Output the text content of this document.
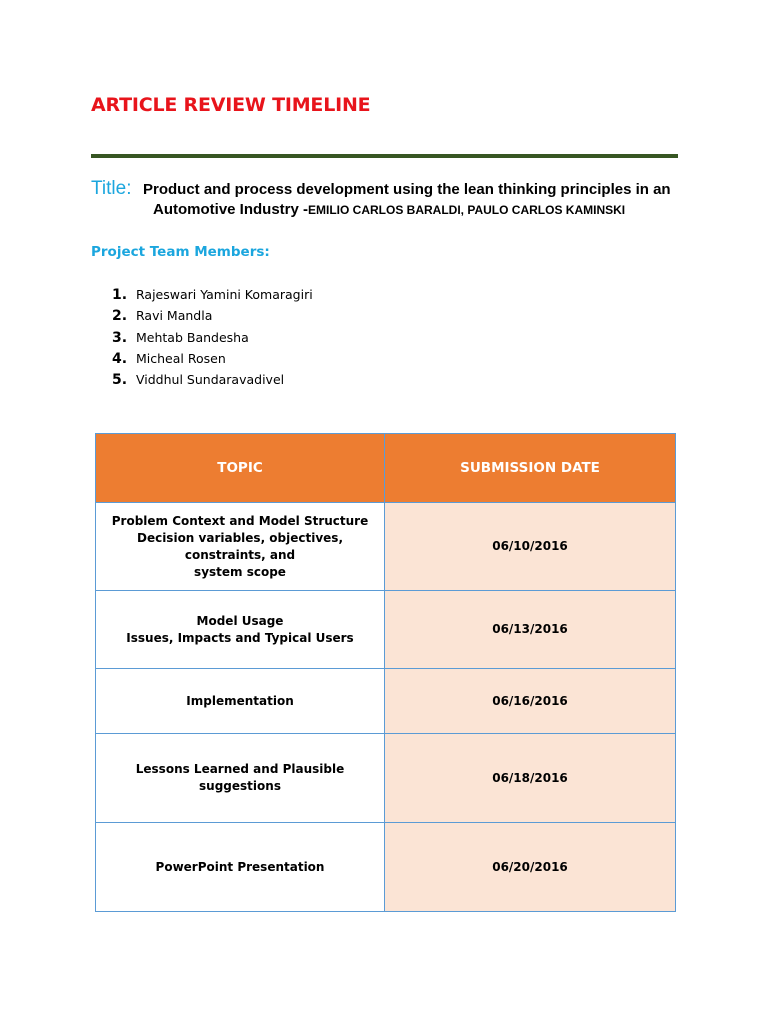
ARTICLE REVIEW TIMELINE
Title: Product and process development using the lean thinking principles in an
Automotive Industry -EMILIO CARLOS BARALDI, PAULO CARLOS KAMINSKI
Project Team Members:
1. Rajeswari Yamini Komaragiri
2. Ravi Mandla
3. Mehtab Bandesha
4. Micheal Rosen
5. Viddhul Sundaravadivel
TOPIC	SUBMISSION DATE

Problem Context and Model Structure
Decision variables, objectives, constraints, and
system scope	06/10/2016

Model Usage
Issues, Impacts and Typical Users	06/13/2016

Implementation	06/16/2016

Lessons Learned and Plausible suggestions	06/18/2016

PowerPoint Presentation	06/20/2016
